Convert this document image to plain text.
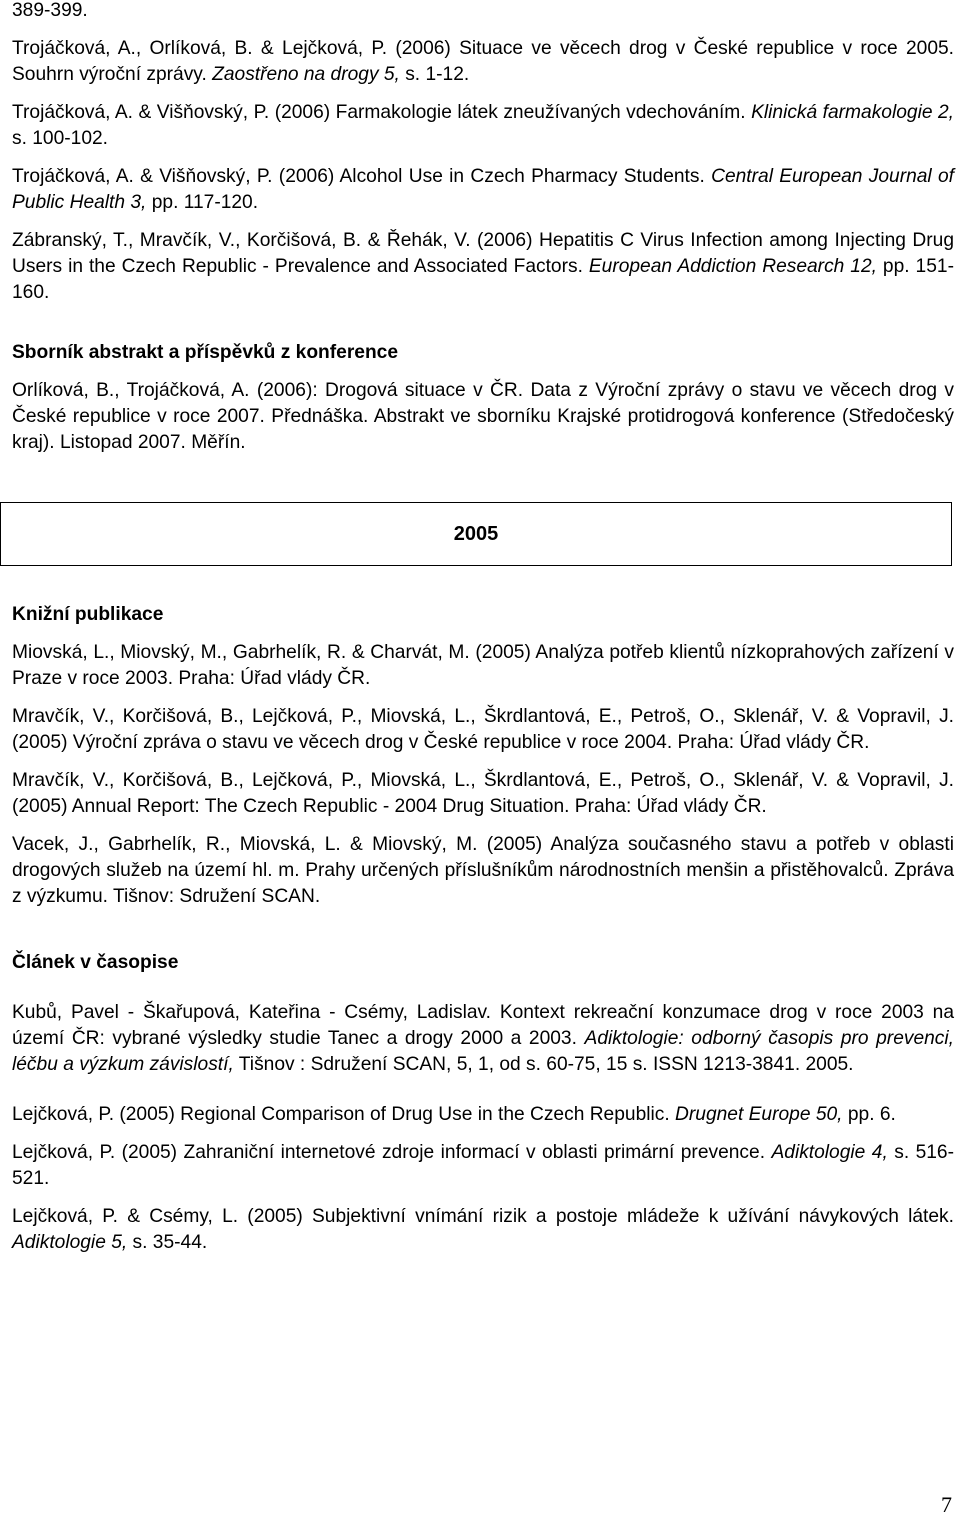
389-399.

Trojáčková, A., Orlíková, B. & Lejčková, P. (2006) Situace ve věcech drog v České republice v roce 2005. Souhrn výroční zprávy. Zaostřeno na drogy 5, s. 1-12.

Trojáčková, A. & Višňovský, P. (2006) Farmakologie látek zneužívaných vdechováním. Klinická farmakologie 2, s. 100-102.

Trojáčková, A. & Višňovský, P. (2006) Alcohol Use in Czech Pharmacy Students. Central European Journal of Public Health 3, pp. 117-120.

Zábranský, T., Mravčík, V., Korčišová, B. & Řehák, V. (2006) Hepatitis C Virus Infection among Injecting Drug Users in the Czech Republic - Prevalence and Associated Factors. European Addiction Research 12, pp. 151-160.

Sborník abstrakt a příspěvků z konference

Orlíková, B., Trojáčková, A. (2006): Drogová situace v ČR. Data z Výroční zprávy o stavu ve věcech drog v České republice v roce 2007. Přednáška. Abstrakt ve sborníku Krajské protidrogová konference (Středočeský kraj). Listopad 2007. Měřín.

2005

Knižní publikace

Miovská, L., Miovský, M., Gabrhelík, R. & Charvát, M. (2005) Analýza potřeb klientů nízkoprahových zařízení v Praze v roce 2003. Praha: Úřad vlády ČR.

Mravčík, V., Korčišová, B., Lejčková, P., Miovská, L., Škrdlantová, E., Petroš, O., Sklenář, V. & Vopravil, J. (2005) Výroční zpráva o stavu ve věcech drog v České republice v roce 2004. Praha: Úřad vlády ČR.

Mravčík, V., Korčišová, B., Lejčková, P., Miovská, L., Škrdlantová, E., Petroš, O., Sklenář, V. & Vopravil, J. (2005) Annual Report: The Czech Republic - 2004 Drug Situation. Praha: Úřad vlády ČR.

Vacek, J., Gabrhelík, R., Miovská, L. & Miovský, M. (2005) Analýza současného stavu a potřeb v oblasti drogových služeb na území hl. m. Prahy určených příslušníkům národnostních menšin a přistěhovalců. Zpráva z výzkumu. Tišnov: Sdružení SCAN.

Článek v časopise

Kubů, Pavel - Škařupová, Kateřina - Csémy, Ladislav. Kontext rekreační konzumace drog v roce 2003 na území ČR: vybrané výsledky studie Tanec a drogy 2000 a 2003. Adiktologie: odborný časopis pro prevenci, léčbu a výzkum závislostí, Tišnov : Sdružení SCAN, 5, 1, od s. 60-75, 15 s. ISSN 1213-3841. 2005.

Lejčková, P. (2005) Regional Comparison of Drug Use in the Czech Republic. Drugnet Europe 50, pp. 6.

Lejčková, P. (2005) Zahraniční internetové zdroje informací v oblasti primární prevence. Adiktologie 4, s. 516-521.

Lejčková, P. & Csémy, L. (2005) Subjektivní vnímání rizik a postoje mládeže k užívání návykových látek. Adiktologie 5, s. 35-44.

7
